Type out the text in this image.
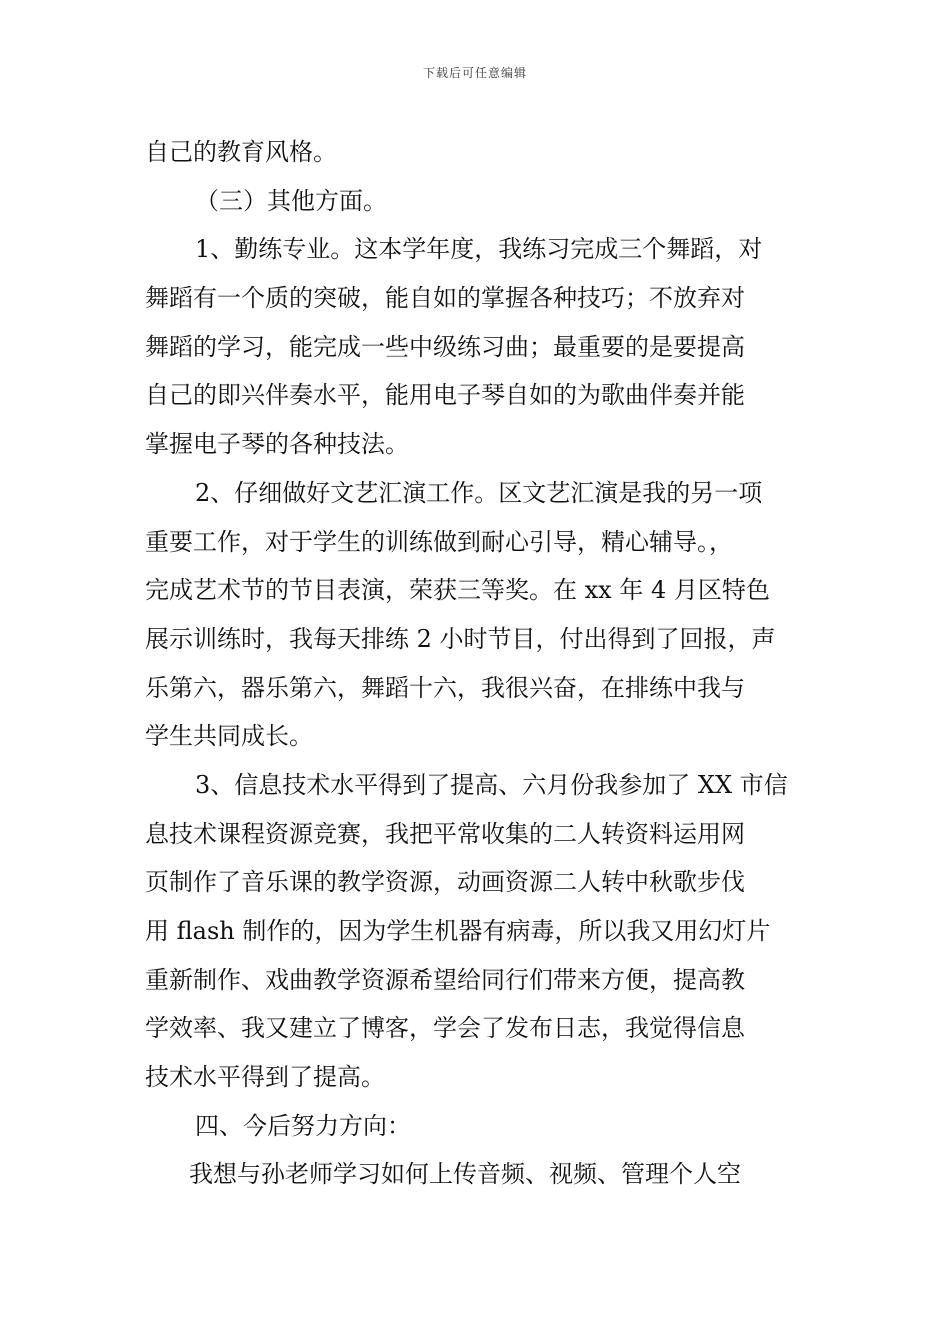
下载后可任意编辑
自己的教育风格。
（三）其他方面。
1、勤练专业。这本学年度，我练习完成三个舞蹈，对
舞蹈有一个质的突破，能自如的掌握各种技巧；不放弃对
舞蹈的学习，能完成一些中级练习曲；最重要的是要提高
自己的即兴伴奏水平，能用电子琴自如的为歌曲伴奏并能
掌握电子琴的各种技法。
2、仔细做好文艺汇演工作。区文艺汇演是我的另一项
重要工作，对于学生的训练做到耐心引导，精心辅导。，
完成艺术节的节目表演，荣获三等奖。在 xx 年 4 月区特色
展示训练时，我每天排练 2 小时节目，付出得到了回报，声
乐第六，器乐第六，舞蹈十六，我很兴奋，在排练中我与
学生共同成长。
3、信息技术水平得到了提高、六月份我参加了 XX 市信
息技术课程资源竞赛，我把平常收集的二人转资料运用网
页制作了音乐课的教学资源，动画资源二人转中秋歌步伐
用 flash 制作的，因为学生机器有病毒，所以我又用幻灯片
重新制作、戏曲教学资源希望给同行们带来方便，提高教
学效率、我又建立了博客，学会了发布日志，我觉得信息
技术水平得到了提高。
四、今后努力方向：
我想与孙老师学习如何上传音频、视频、管理个人空
